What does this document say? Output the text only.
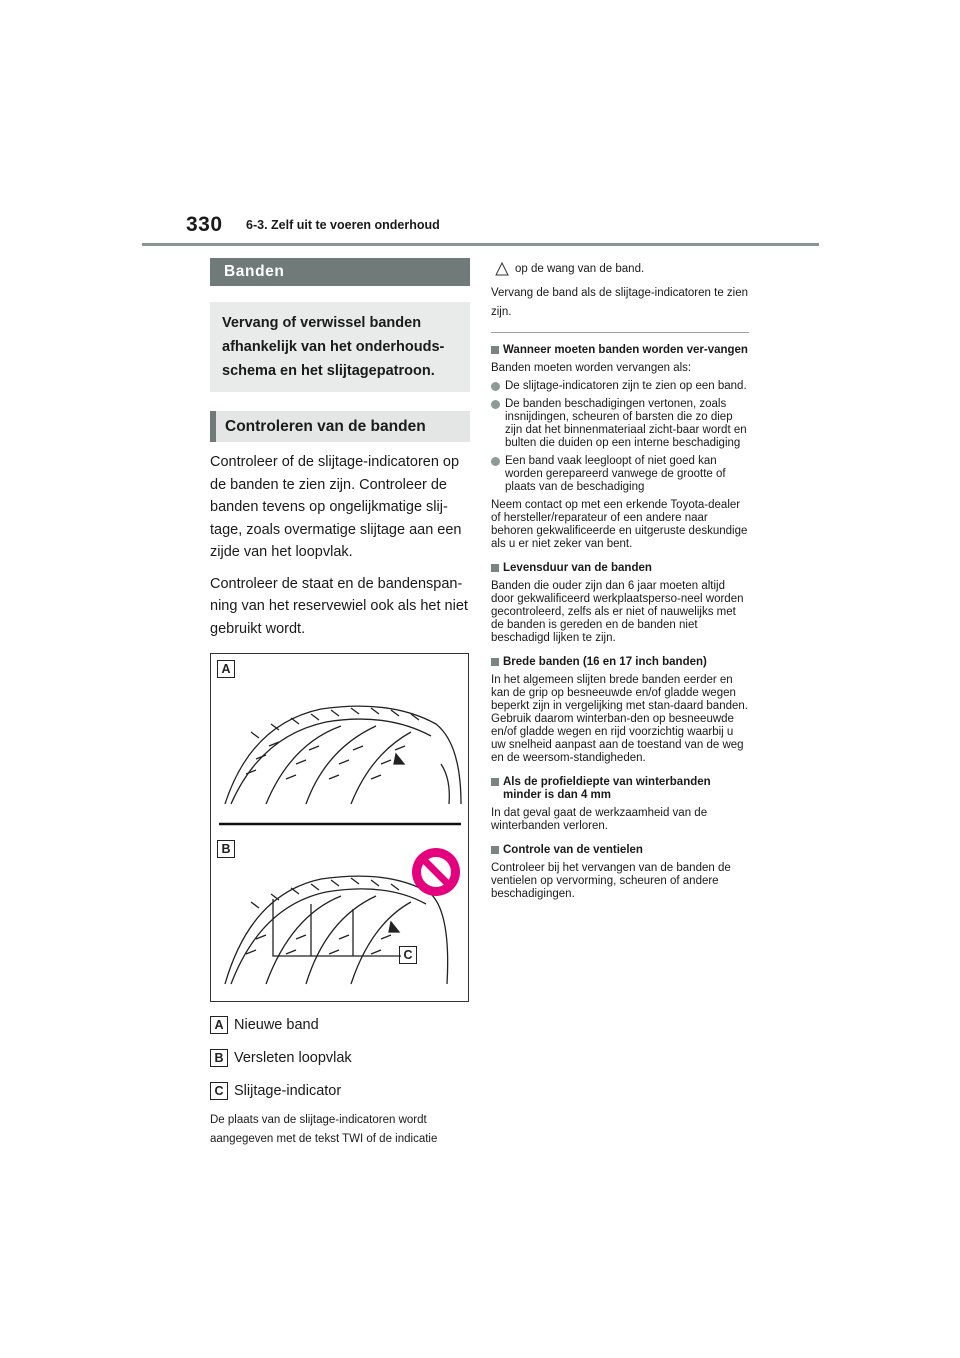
330 6-3. Zelf uit te voeren onderhoud
Banden
Vervang of verwissel banden afhankelijk van het onderhouds-schema en het slijtagepatroon.
Controleren van de banden

Controleer of de slijtage-indicatoren op de banden te zien zijn. Controleer de banden tevens op ongelijkmatige slij-tage, zoals overmatige slijtage aan een zijde van het loopvlak.

Controleer de staat en de bandenspan-ning van het reservewiel ook als het niet gebruikt wordt.

A
B
C
A Nieuwe band
B Versleten loopvlak
C Slijtage-indicator
De plaats van de slijtage-indicatoren wordt aangegeven met de tekst TWI of de indicatie
op de wang van de band.
Vervang de band als de slijtage-indicatoren te zien zijn.
Wanneer moeten banden worden ver-vangen
Banden moeten worden vervangen als:
De slijtage-indicatoren zijn te zien op een band.
De banden beschadigingen vertonen, zoals insnijdingen, scheuren of barsten die zo diep zijn dat het binnenmateriaal zicht-baar wordt en bulten die duiden op een interne beschadiging
Een band vaak leegloopt of niet goed kan worden gerepareerd vanwege de grootte of plaats van de beschadiging
Neem contact op met een erkende Toyota-dealer of hersteller/reparateur of een andere naar behoren gekwalificeerde en uitgeruste deskundige als u er niet zeker van bent.
Levensduur van de banden
Banden die ouder zijn dan 6 jaar moeten altijd door gekwalificeerd werkplaatsperso-neel worden gecontroleerd, zelfs als er niet of nauwelijks met de banden is gereden en de banden niet beschadigd lijken te zijn.
Brede banden (16 en 17 inch banden)
In het algemeen slijten brede banden eerder en kan de grip op besneeuwde en/of gladde wegen beperkt zijn in vergelijking met stan-daard banden. Gebruik daarom winterban-den op besneeuwde en/of gladde wegen en rijd voorzichtig waarbij u uw snelheid aanpast aan de toestand van de weg en de weersom-standigheden.
Als de profieldiepte van winterbanden minder is dan 4 mm
In dat geval gaat de werkzaamheid van de winterbanden verloren.
Controle van de ventielen
Controleer bij het vervangen van de banden de ventielen op vervorming, scheuren of andere beschadigingen.
